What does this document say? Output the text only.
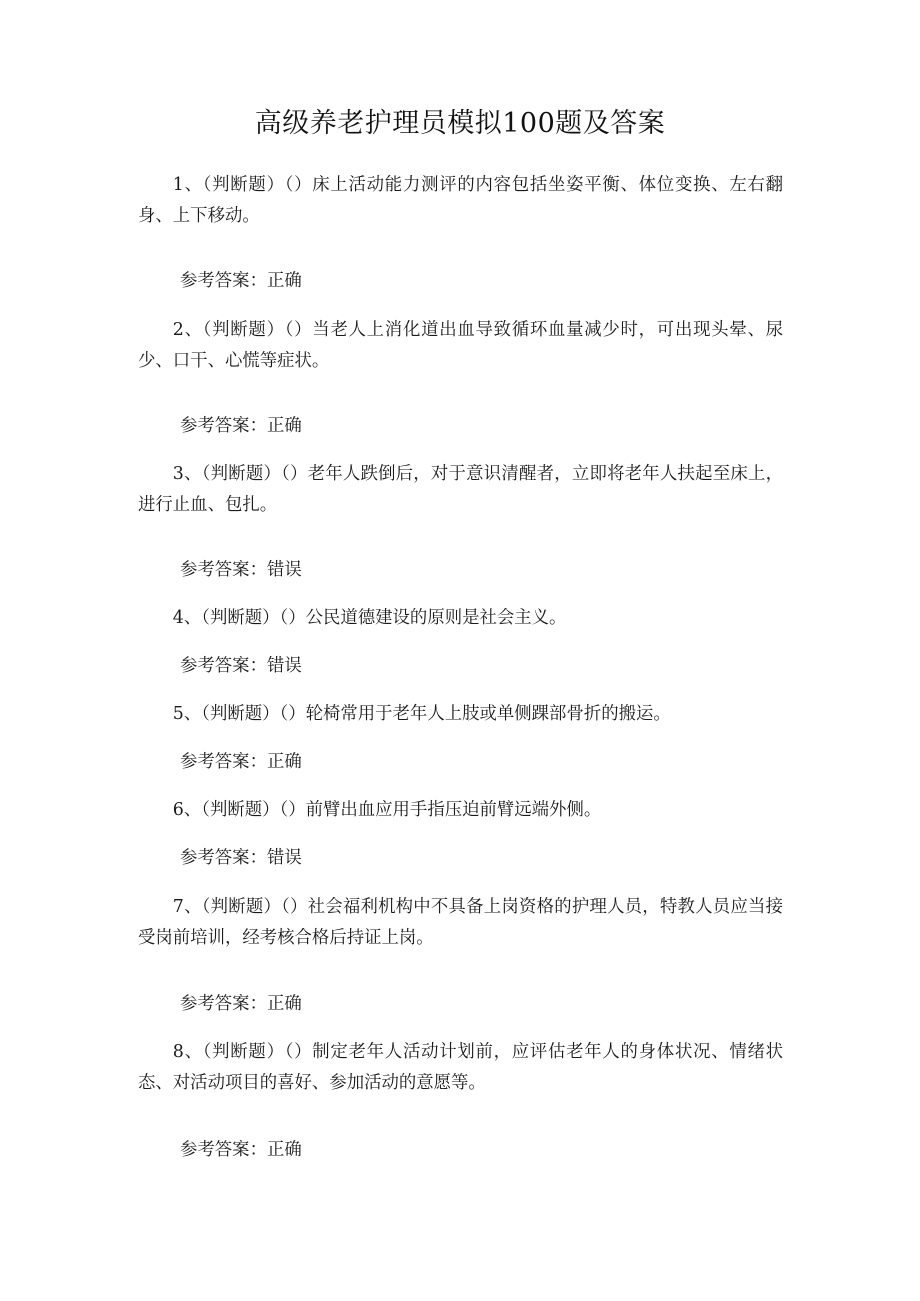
高级养老护理员模拟100题及答案

1、（判断题）（）床上活动能力测评的内容包括坐姿平衡、体位变换、左右翻身、上下移动。

参考答案：正确

2、（判断题）（）当老人上消化道出血导致循环血量减少时，可出现头晕、尿少、口干、心慌等症状。

参考答案：正确

3、（判断题）（）老年人跌倒后，对于意识清醒者，立即将老年人扶起至床上，进行止血、包扎。

参考答案：错误

4、（判断题）（）公民道德建设的原则是社会主义。

参考答案：错误

5、（判断题）（）轮椅常用于老年人上肢或单侧踝部骨折的搬运。

参考答案：正确

6、（判断题）（）前臂出血应用手指压迫前臂远端外侧。

参考答案：错误

7、（判断题）（）社会福利机构中不具备上岗资格的护理人员，特教人员应当接受岗前培训，经考核合格后持证上岗。

参考答案：正确

8、（判断题）（）制定老年人活动计划前，应评估老年人的身体状况、情绪状态、对活动项目的喜好、参加活动的意愿等。

参考答案：正确
